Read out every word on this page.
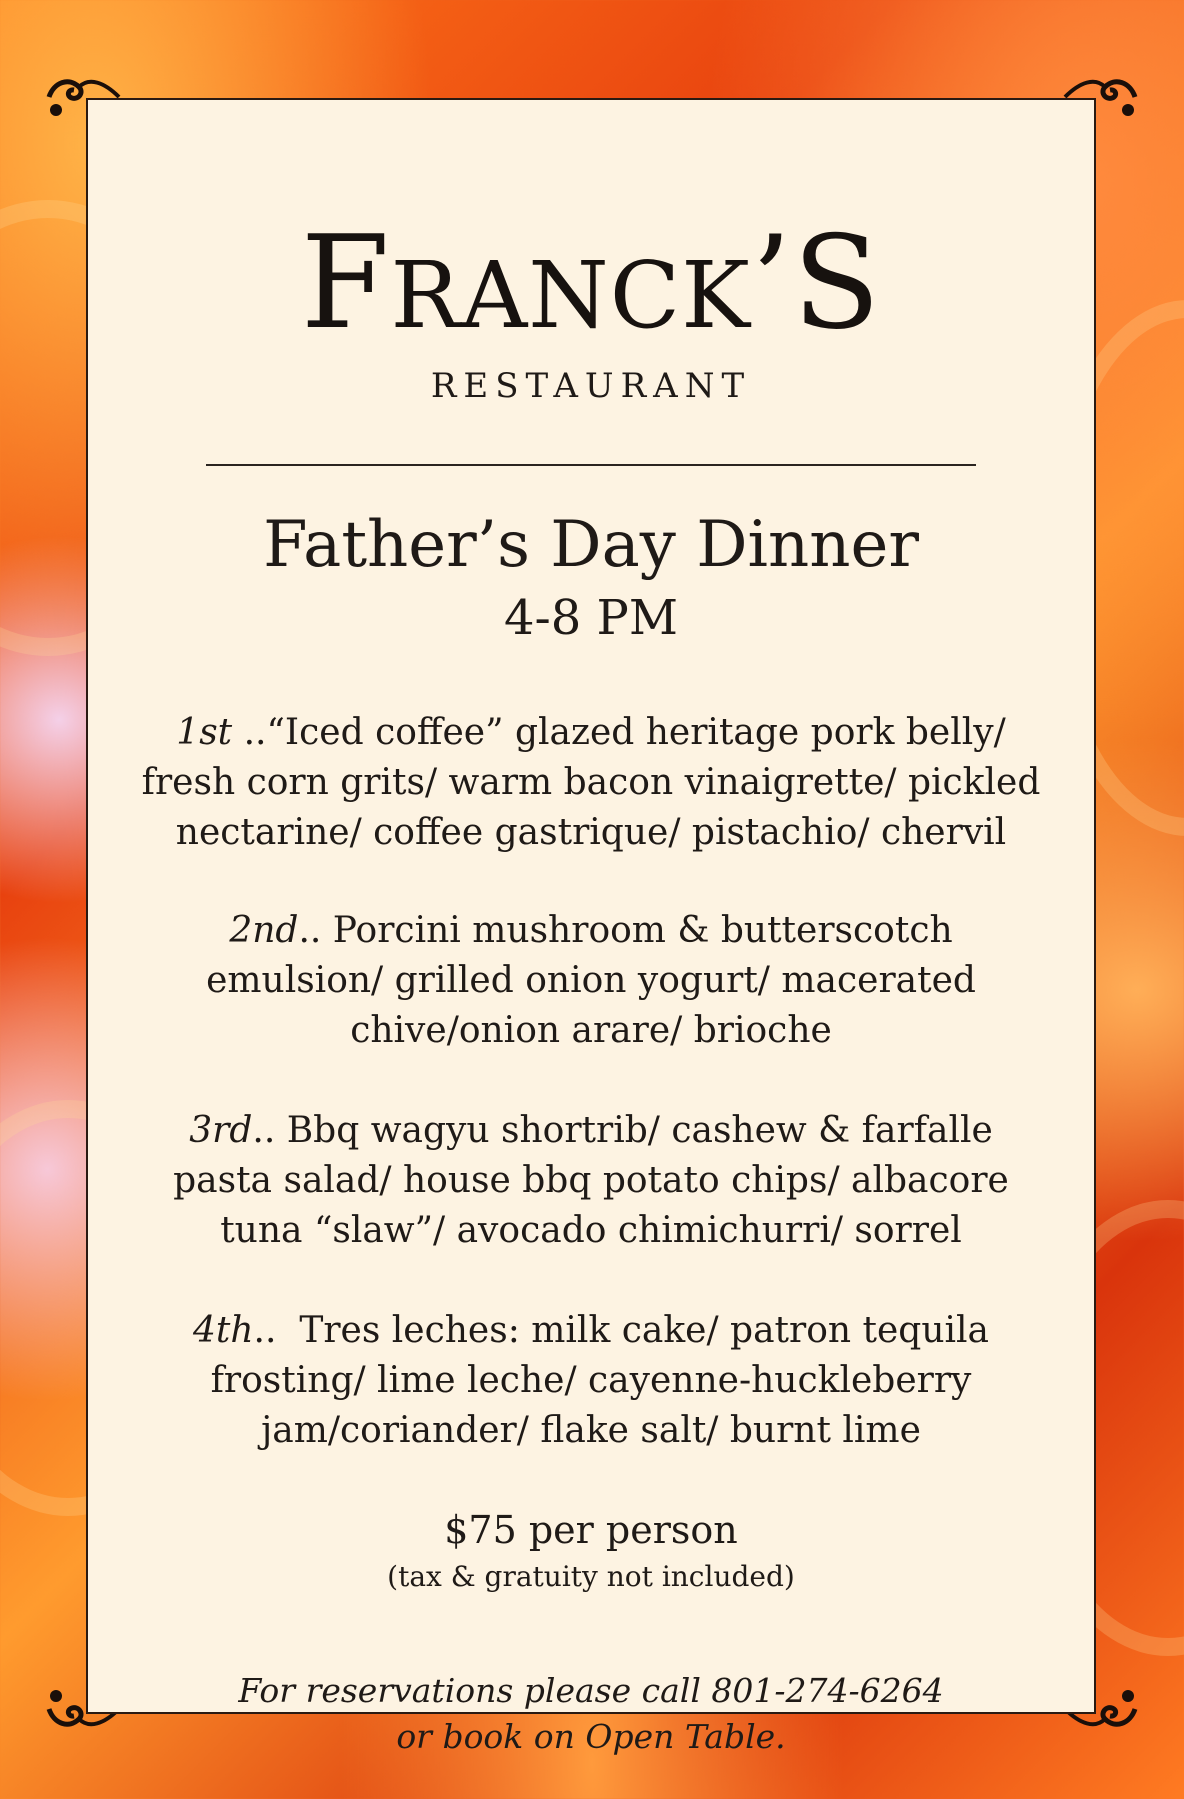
FRANCK’S
RESTAURANT
Father’s Day Dinner
4-8 PM
1st ..“Iced coffee” glazed heritage pork belly/
fresh corn grits/ warm bacon vinaigrette/ pickled
nectarine/ coffee gastrique/ pistachio/ chervil
2nd.. Porcini mushroom & butterscotch
emulsion/ grilled onion yogurt/ macerated
chive/onion arare/ brioche
3rd.. Bbq wagyu shortrib/ cashew & farfalle
pasta salad/ house bbq potato chips/ albacore
tuna “slaw”/ avocado chimichurri/ sorrel
4th..  Tres leches: milk cake/ patron tequila
frosting/ lime leche/ cayenne-huckleberry
jam/coriander/ flake salt/ burnt lime
$75 per person
(tax & gratuity not included)
For reservations please call 801-274-6264
or book on Open Table.
